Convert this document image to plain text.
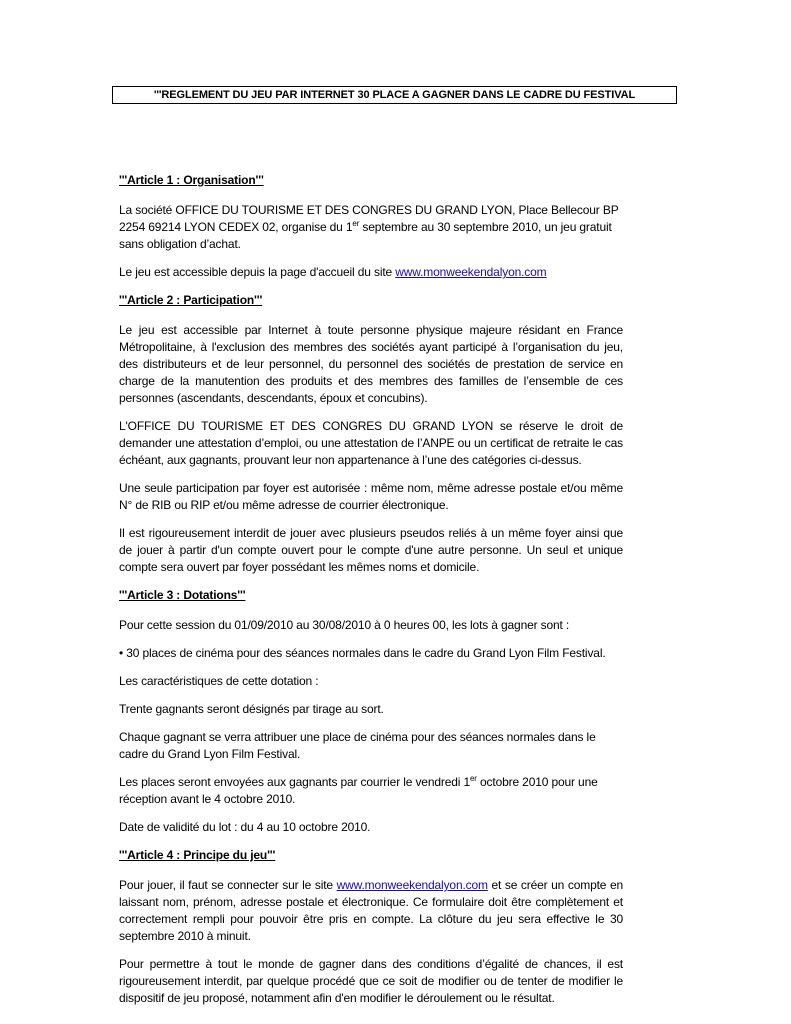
'''REGLEMENT DU JEU PAR INTERNET 30 PLACE A GAGNER DANS LE CADRE DU FESTIVAL

'''Article 1 : Organisation'''

La société OFFICE DU TOURISME ET DES CONGRES DU GRAND LYON, Place Bellecour BP 2254 69214 LYON CEDEX 02, organise du 1er septembre au 30 septembre 2010, un jeu gratuit sans obligation d’achat.

Le jeu est accessible depuis la page d'accueil du site www.monweekendalyon.com

'''Article 2 : Participation'''

Le jeu est accessible par Internet à toute personne physique majeure résidant en France Métropolitaine, à l'exclusion des membres des sociétés ayant participé à l’organisation du jeu, des distributeurs et de leur personnel, du personnel des sociétés de prestation de service en charge de la manutention des produits et des membres des familles de l’ensemble de ces personnes (ascendants, descendants, époux et concubins).

L'OFFICE DU TOURISME ET DES CONGRES DU GRAND LYON se réserve le droit de demander une attestation d’emploi, ou une attestation de l’ANPE ou un certificat de retraite le cas échéant, aux gagnants, prouvant leur non appartenance à l’une des catégories ci-dessus.

Une seule participation par foyer est autorisée : même nom, même adresse postale et/ou même N° de RIB ou RIP et/ou même adresse de courrier électronique.

Il est rigoureusement interdit de jouer avec plusieurs pseudos reliés à un même foyer ainsi que de jouer à partir d'un compte ouvert pour le compte d'une autre personne. Un seul et unique compte sera ouvert par foyer possédant les mêmes noms et domicile.

'''Article 3 : Dotations'''

Pour cette session du 01/09/2010 au 30/08/2010 à 0 heures 00, les lots à gagner sont :

• 30 places de cinéma pour des séances normales dans le cadre du Grand Lyon Film Festival.

Les caractéristiques de cette dotation :

Trente gagnants seront désignés par tirage au sort.

Chaque gagnant se verra attribuer une place de cinéma pour des séances normales dans le cadre du Grand Lyon Film Festival.

Les places seront envoyées aux gagnants par courrier le vendredi 1er octobre 2010 pour une réception avant le 4 octobre 2010.

Date de validité du lot : du 4 au 10 octobre 2010.

'''Article 4 : Principe du jeu'''

Pour jouer, il faut se connecter sur le site www.monweekendalyon.com et se créer un compte en laissant nom, prénom, adresse postale et électronique. Ce formulaire doit être complètement et correctement rempli pour pouvoir être pris en compte. La clôture du jeu sera effective le 30 septembre 2010 à minuit.

Pour permettre à tout le monde de gagner dans des conditions d’égalité de chances, il est rigoureusement interdit, par quelque procédé que ce soit de modifier ou de tenter de modifier le dispositif de jeu proposé, notamment afin d'en modifier le déroulement ou le résultat.
